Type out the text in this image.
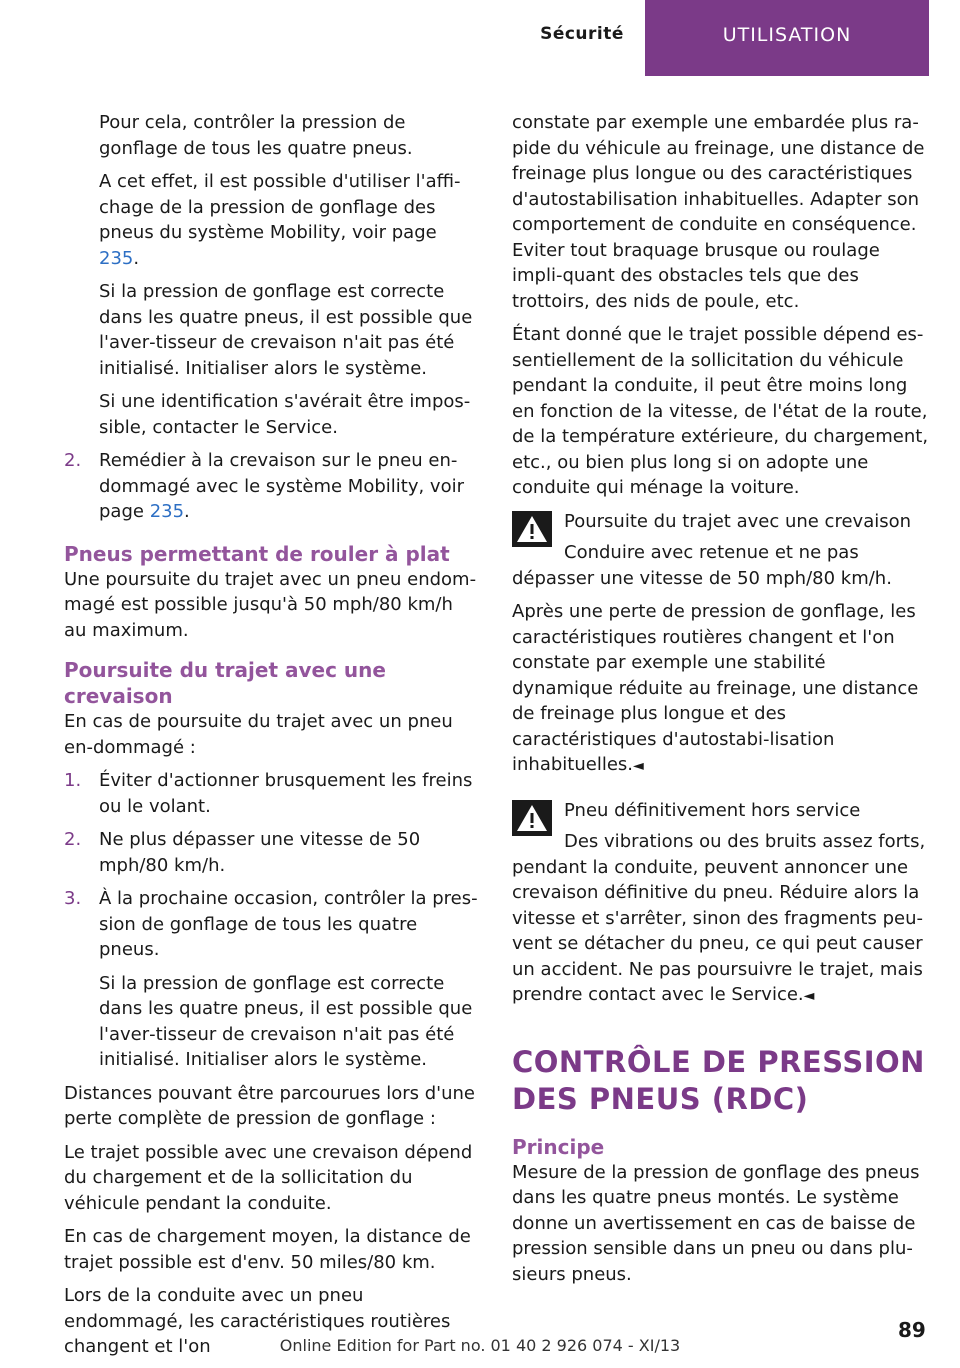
Sécurité	UTILISATION

Pour cela, contrôler la pression de gonflage de tous les quatre pneus.

A cet effet, il est possible d'utiliser l'affi‐chage de la pression de gonflage des pneus du système Mobility, voir page 235.

Si la pression de gonflage est correcte dans les quatre pneus, il est possible que l'aver‐tisseur de crevaison n'ait pas été initialisé. Initialiser alors le système.

Si une identification s'avérait être impos‐sible, contacter le Service.

2. Remédier à la crevaison sur le pneu en‐dommagé avec le système Mobility, voir page 235.
Pneus permettant de rouler à plat

Une poursuite du trajet avec un pneu endom‐magé est possible jusqu'à 50 mph/80 km/h au maximum.

Poursuite du trajet avec une crevaison

En cas de poursuite du trajet avec un pneu en‐dommagé :

1. Éviter d'actionner brusquement les freins ou le volant.
2. Ne plus dépasser une vitesse de 50 mph/80 km/h.
3. À la prochaine occasion, contrôler la pres‐sion de gonflage de tous les quatre pneus.

Si la pression de gonflage est correcte dans les quatre pneus, il est possible que l'aver‐tisseur de crevaison n'ait pas été initialisé. Initialiser alors le système.

Distances pouvant être parcourues lors d'une perte complète de pression de gonflage :

Le trajet possible avec une crevaison dépend du chargement et de la sollicitation du véhicule pendant la conduite.

En cas de chargement moyen, la distance de trajet possible est d'env. 50 miles/80 km.

Lors de la conduite avec un pneu endommagé, les caractéristiques routières changent et l'on

constate par exemple une embardée plus ra‐pide du véhicule au freinage, une distance de freinage plus longue ou des caractéristiques d'autostabilisation inhabituelles. Adapter son comportement de conduite en conséquence. Eviter tout braquage brusque ou roulage impli‐quant des obstacles tels que des trottoirs, des nids de poule, etc.

Étant donné que le trajet possible dépend es‐sentiellement de la sollicitation du véhicule pendant la conduite, il peut être moins long en fonction de la vitesse, de l'état de la route, de la température extérieure, du chargement, etc., ou bien plus long si on adopte une conduite qui ménage la voiture.

Poursuite du trajet avec une crevaison

Conduire avec retenue et ne pas dépasser une vitesse de 50 mph/80 km/h.

Après une perte de pression de gonflage, les caractéristiques routières changent et l'on constate par exemple une stabilité dynamique réduite au freinage, une distance de freinage plus longue et des caractéristiques d'autostabi‐lisation inhabituelles.◄

Pneu définitivement hors service

Des vibrations ou des bruits assez forts, pendant la conduite, peuvent annoncer une crevaison définitive du pneu. Réduire alors la vitesse et s'arrêter, sinon des fragments peu‐vent se détacher du pneu, ce qui peut causer un accident. Ne pas poursuivre le trajet, mais prendre contact avec le Service.◄

CONTRÔLE DE PRESSION DES PNEUS (RDC)
Principe

Mesure de la pression de gonflage des pneus dans les quatre pneus montés. Le système donne un avertissement en cas de baisse de pression sensible dans un pneu ou dans plu‐sieurs pneus.

89
Online Edition for Part no. 01 40 2 926 074 - XI/13
